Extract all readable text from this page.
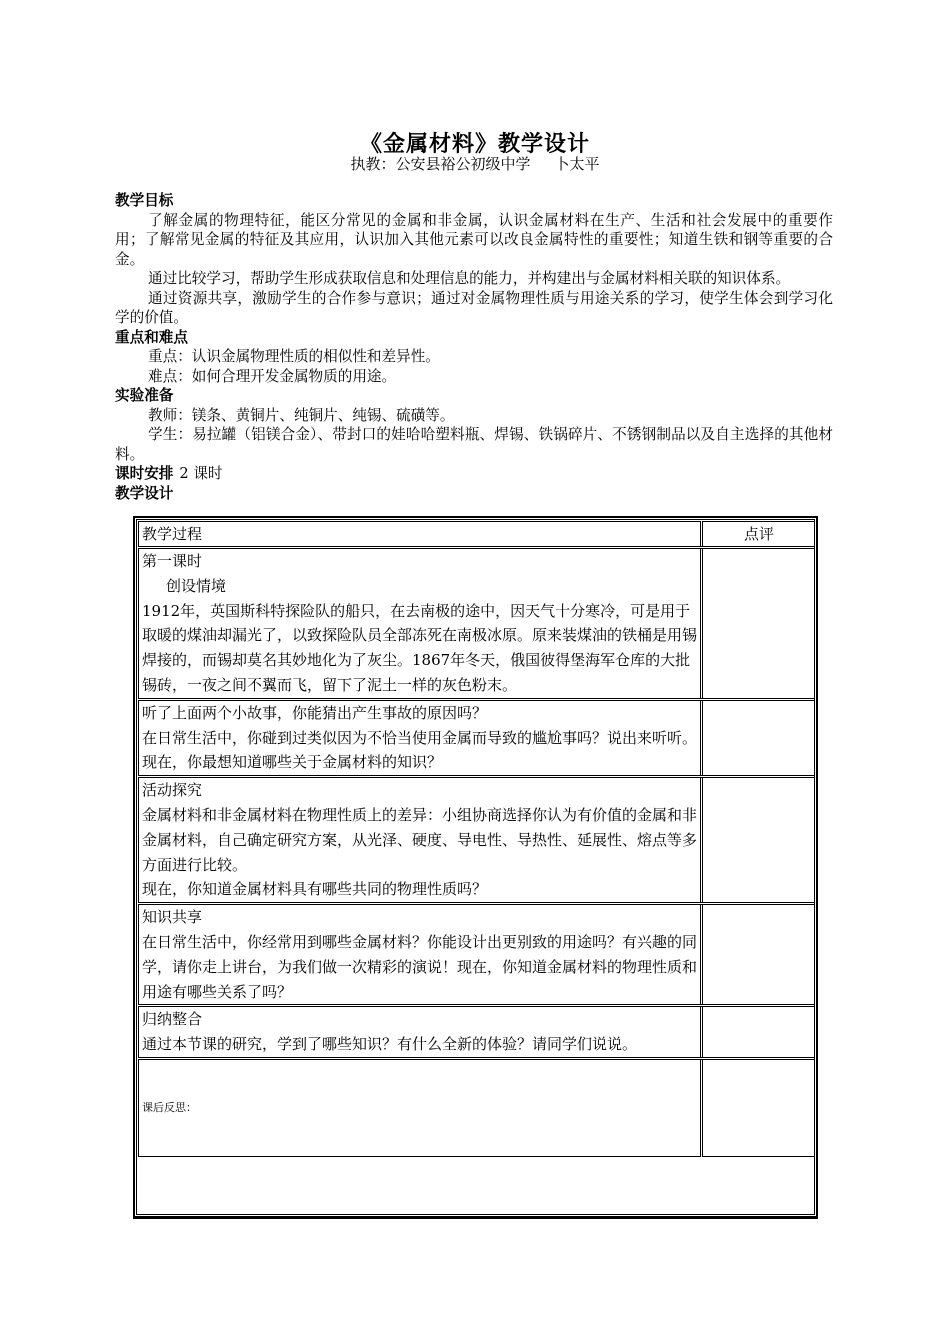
《金属材料》教学设计
执教：公安县裕公初级中学 卜太平

教学目标

了解金属的物理特征，能区分常见的金属和非金属，认识金属材料在生产、生活和社会发展中的重要作用；了解常见金属的特征及其应用，认识加入其他元素可以改良金属特性的重要性；知道生铁和钢等重要的合金。

通过比较学习，帮助学生形成获取信息和处理信息的能力，并构建出与金属材料相关联的知识体系。

通过资源共享，激励学生的合作参与意识；通过对金属物理性质与用途关系的学习，使学生体会到学习化学的价值。

重点和难点

重点：认识金属物理性质的相似性和差异性。

难点：如何合理开发金属物质的用途。

实验准备

教师：镁条、黄铜片、纯铜片、纯锡、硫磺等。

学生：易拉罐（铝镁合金）、带封口的娃哈哈塑料瓶、焊锡、铁锅碎片、不锈钢制品以及自主选择的其他材料。

课时安排 2 课时

教学设计

教学过程	点评

第一课时
创设情境
1912年，英国斯科特探险队的船只，在去南极的途中，因天气十分寒冷，可是用于取暖的煤油却漏光了，以致探险队员全部冻死在南极冰原。原来装煤油的铁桶是用锡焊接的，而锡却莫名其妙地化为了灰尘。1867年冬天，俄国彼得堡海军仓库的大批锡砖，一夜之间不翼而飞，留下了泥土一样的灰色粉末。	

听了上面两个小故事，你能猜出产生事故的原因吗？
在日常生活中，你碰到过类似因为不恰当使用金属而导致的尴尬事吗？说出来听听。
现在，你最想知道哪些关于金属材料的知识？	

活动探究
金属材料和非金属材料在物理性质上的差异：小组协商选择你认为有价值的金属和非金属材料，自己确定研究方案，从光泽、硬度、导电性、导热性、延展性、熔点等多方面进行比较。
现在，你知道金属材料具有哪些共同的物理性质吗？	

知识共享
在日常生活中，你经常用到哪些金属材料？你能设计出更别致的用途吗？有兴趣的同学，请你走上讲台，为我们做一次精彩的演说！现在，你知道金属材料的物理性质和用途有哪些关系了吗？	

归纳整合
通过本节课的研究，学到了哪些知识？有什么全新的体验？请同学们说说。	

课后反思：	
